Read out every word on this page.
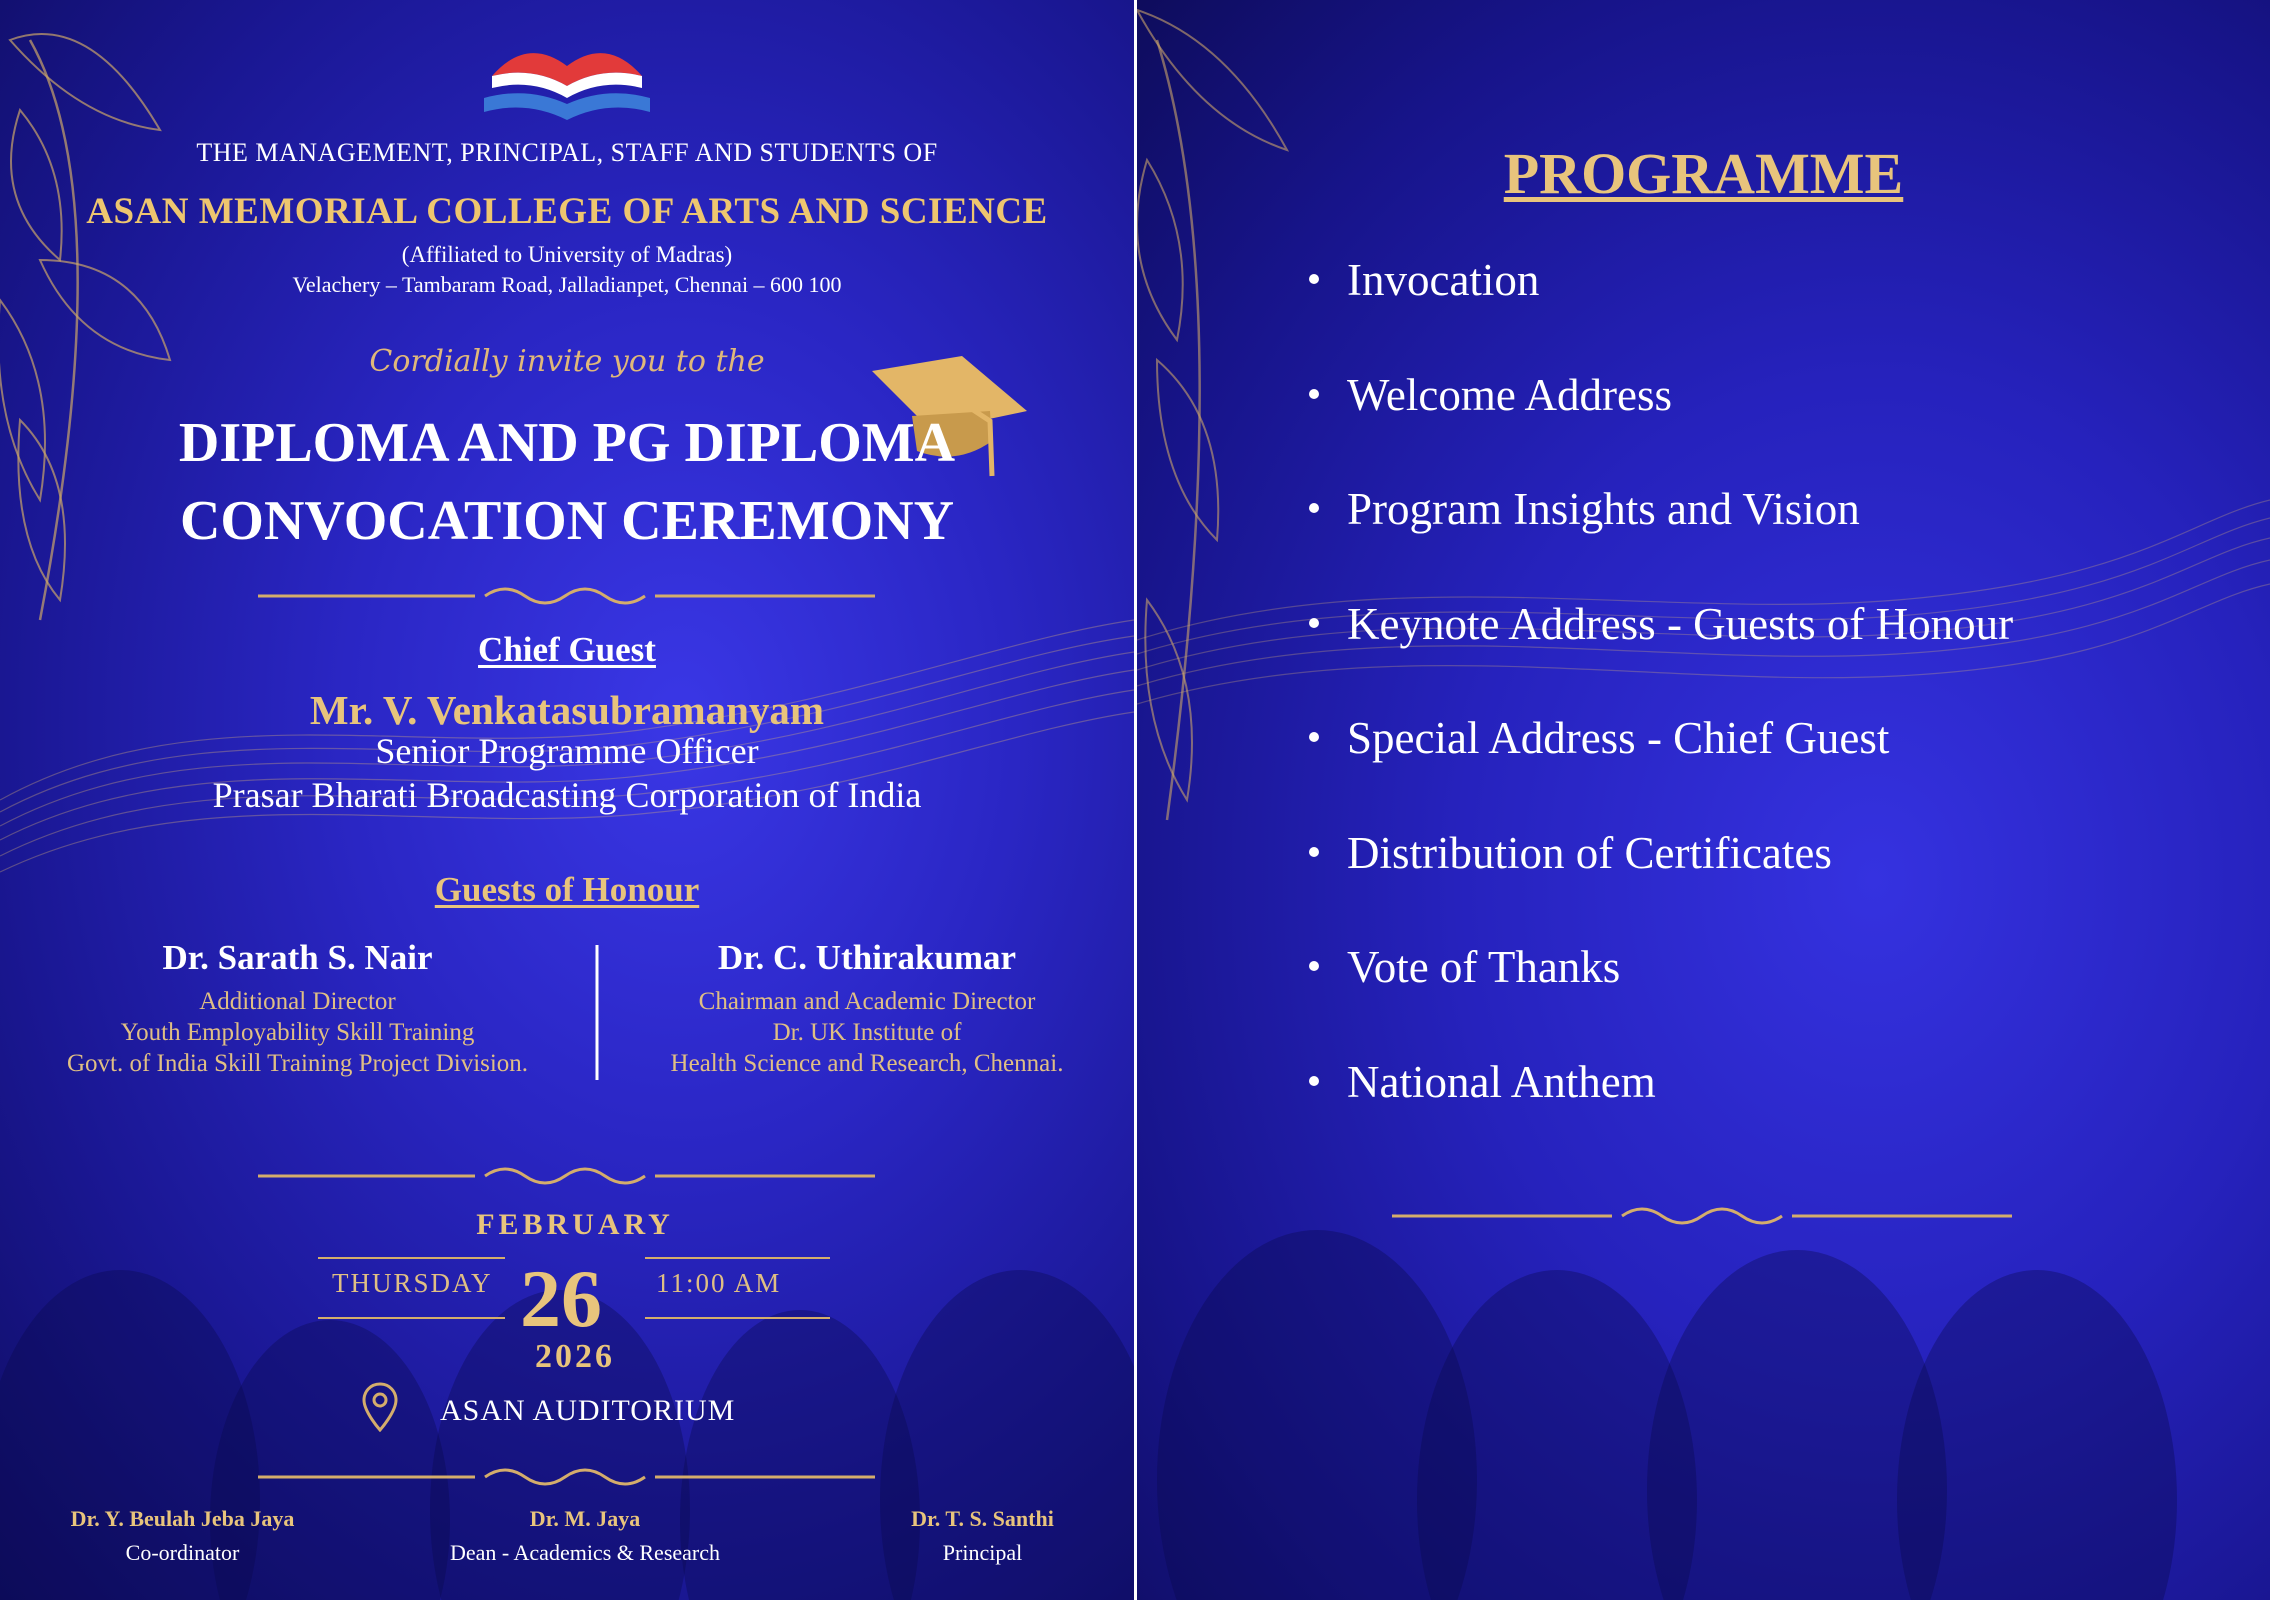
THE MANAGEMENT, PRINCIPAL, STAFF AND STUDENTS OF
ASAN MEMORIAL COLLEGE OF ARTS AND SCIENCE
(Affiliated to University of Madras)
Velachery – Tambaram Road, Jalladianpet, Chennai – 600 100
Cordially invite you to the
DIPLOMA AND PG DIPLOMA
CONVOCATION CEREMONY
Chief Guest
Mr. V. Venkatasubramanyam
Senior Programme Officer
Prasar Bharati Broadcasting Corporation of India
Guests of Honour
Dr. Sarath S. Nair
Additional Director
Youth Employability Skill Training
Govt. of India Skill Training Project Division.
Dr. C. Uthirakumar
Chairman and Academic Director
Dr. UK Institute of
Health Science and Research, Chennai.
FEBRUARY
THURSDAY 26 11:00 AM
2026
ASAN AUDITORIUM
Dr. Y. Beulah Jeba Jaya
Co-ordinator
Dr. M. Jaya
Dean - Academics & Research
Dr. T. S. Santhi
Principal
PROGRAMME
Invocation
Welcome Address
Program Insights and Vision
Keynote Address - Guests of Honour
Special Address - Chief Guest
Distribution of Certificates
Vote of Thanks
National Anthem
